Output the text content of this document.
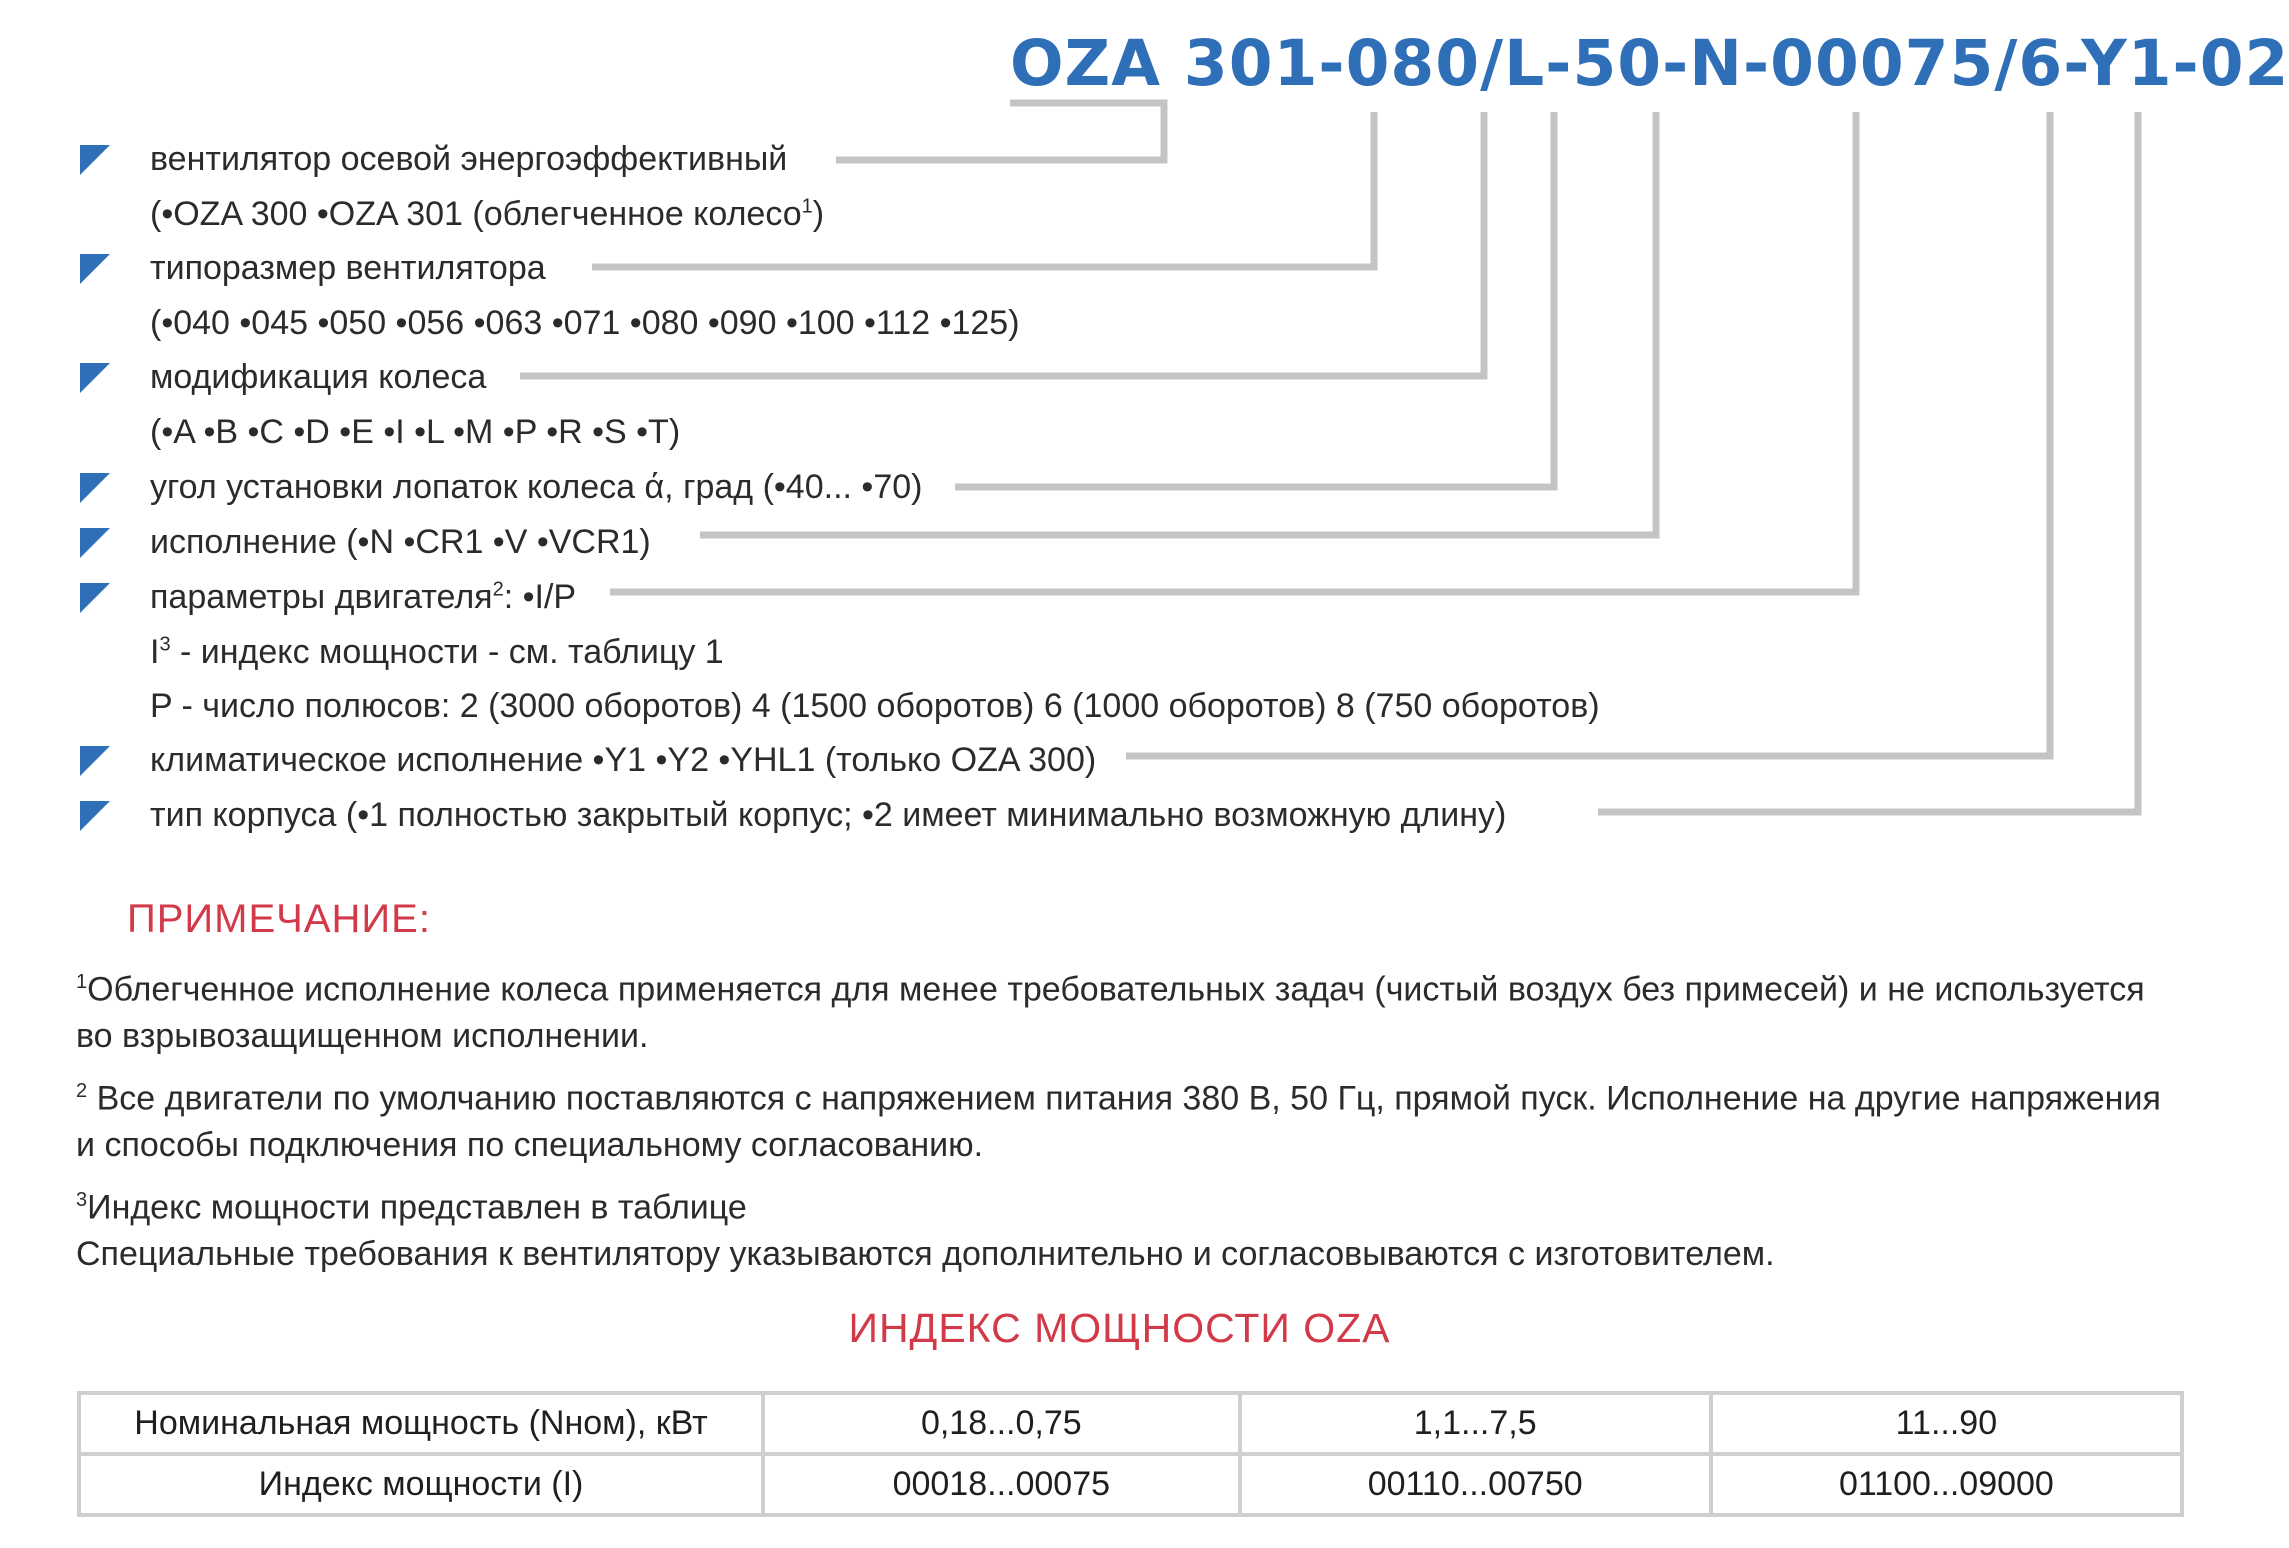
OZA 301-080/L-50-N-00075/6-Y1-02
вентилятор осевой энергоэффективный
(•OZA 300 •OZA 301 (облегченное колесо$^1$)
типоразмер вентилятора
(•040 •045 •050 •056 •063 •071 •080 •090 •100 •112 •125)
модификация колеса
(•A •B •C •D •E •I •L •M •P •R •S •T)
угол установки лопаток колеса ά, град (•40... •70)
исполнение (•N •CR1 •V •VCR1)
параметры двигателя$^2$: •I/P
$I^3$ - индекс мощности - см. таблицу 1
P - число полюсов: 2 (3000 оборотов) 4 (1500 оборотов) 6 (1000 оборотов) 8 (750 оборотов)
климатическое исполнение •Y1 •Y2 •YHL1 (только OZA 300)
тип корпуса (•1 полностью закрытый корпус; •2 имеет минимально возможную длину)
ПРИМЕЧАНИЕ:
$^1$Облегченное исполнение колеса применяется для менее требовательных задач (чистый воздух без примесей) и не используется
во взрывозащищенном исполнении.
$^2$ Все двигатели по умолчанию поставляются с напряжением питания 380 В, 50 Гц, прямой пуск. Исполнение на другие напряжения
и способы подключения по специальному согласованию.
$^3$Индекс мощности представлен в таблице
Специальные требования к вентилятору указываются дополнительно и согласовываются с изготовителем.
ИНДЕКС МОЩНОСТИ OZA
Номинальная мощность (Nном), кВт	0,18...0,75	1,1...7,5	11...90
Индекс мощности (I)	00018...00075	00110...00750	01100...09000
